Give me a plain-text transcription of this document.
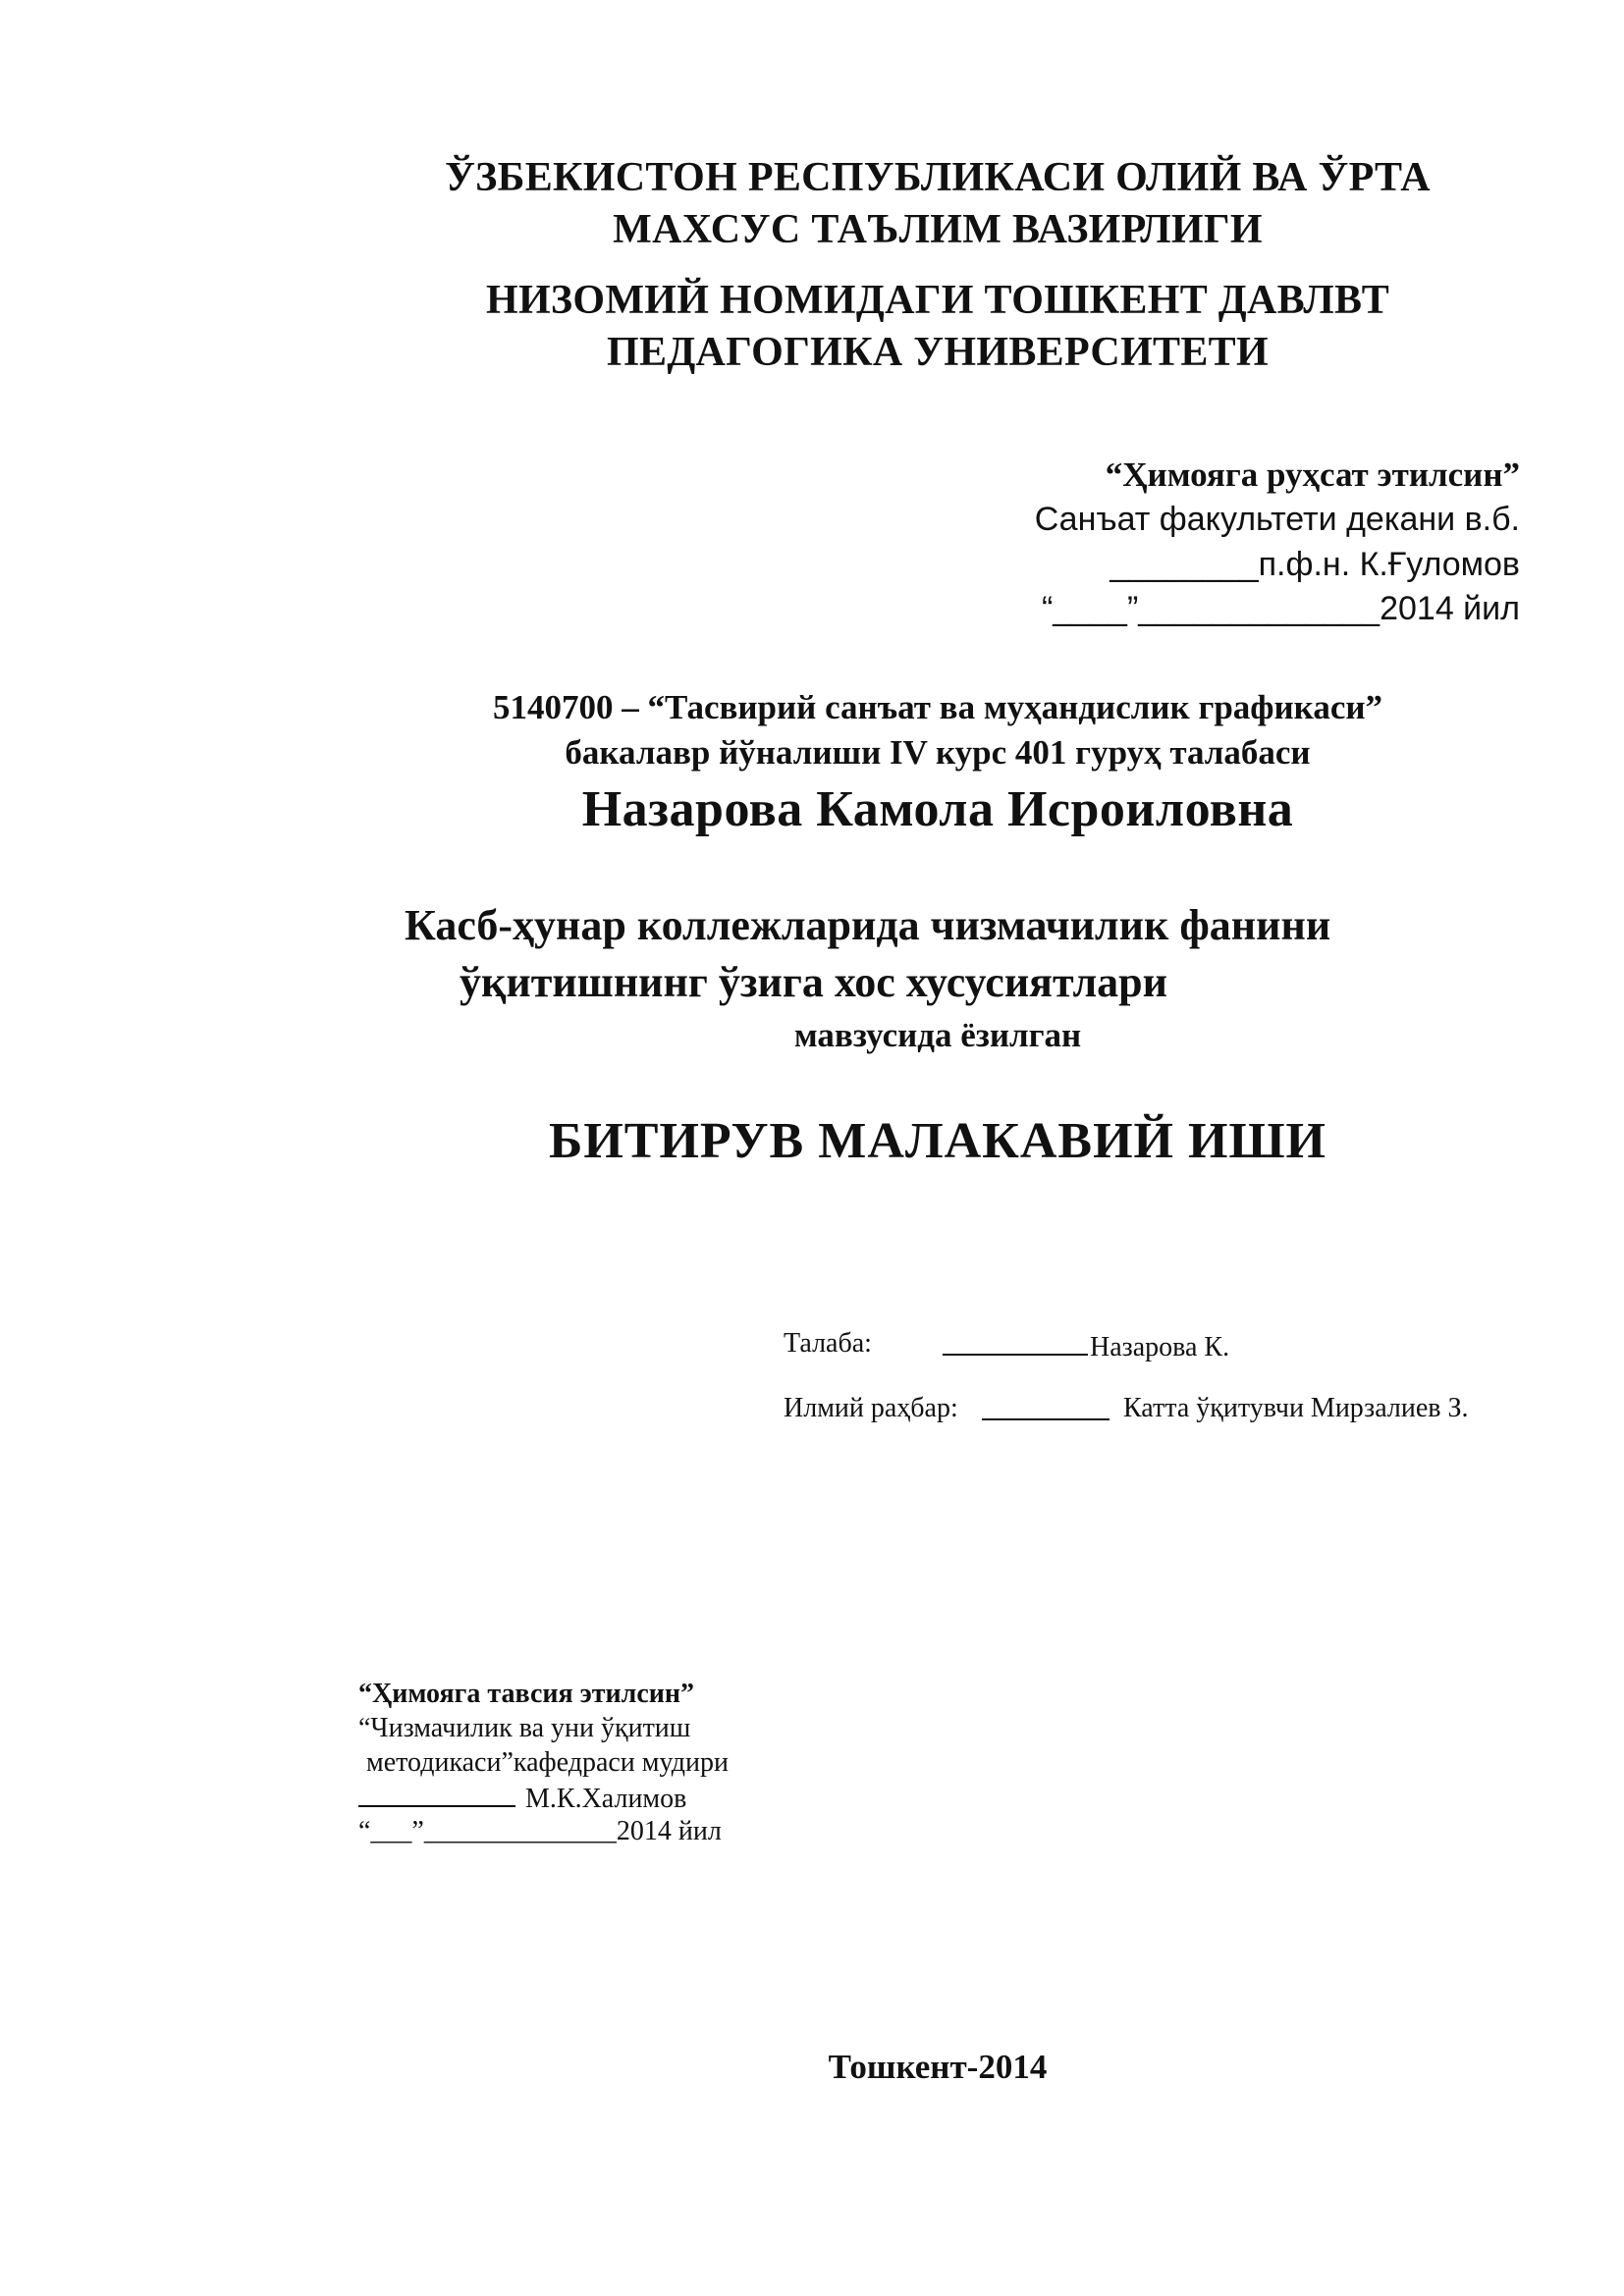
ЎЗБЕКИСТОН РЕСПУБЛИКАСИ ОЛИЙ ВА ЎРТА
МАХСУС ТАЪЛИМ ВАЗИРЛИГИ
НИЗОМИЙ НОМИДАГИ ТОШКЕНТ ДАВЛВТ
ПЕДАГОГИКА УНИВЕРСИТЕТИ
“Ҳимояга руҳсат этилсин”
Санъат факультети декани в.б.
________п.ф.н. К.Ғуломов
“____”_____________2014 йил
5140700 – “Тасвирий санъат ва муҳандислик графикаси”
бакалавр йўналиши IV курс 401 гуруҳ талабаси
Назарова Камола Исроиловна
Касб-ҳунар коллежларида чизмачилик фанини
ўқитишнинг ўзига хос хусусиятлари
мавзусида ёзилган
БИТИРУВ МАЛАКАВИЙ ИШИ
Талаба:	Назарова К.
Илмий раҳбар:	Катта ўқитувчи Мирзалиев З.
“Ҳимояга тавсия этилсин”
“Чизмачилик ва уни ўқитиш
методикаси”кафедраси мудири
М.К.Халимов
“___”______________2014 йил
Тошкент-2014
